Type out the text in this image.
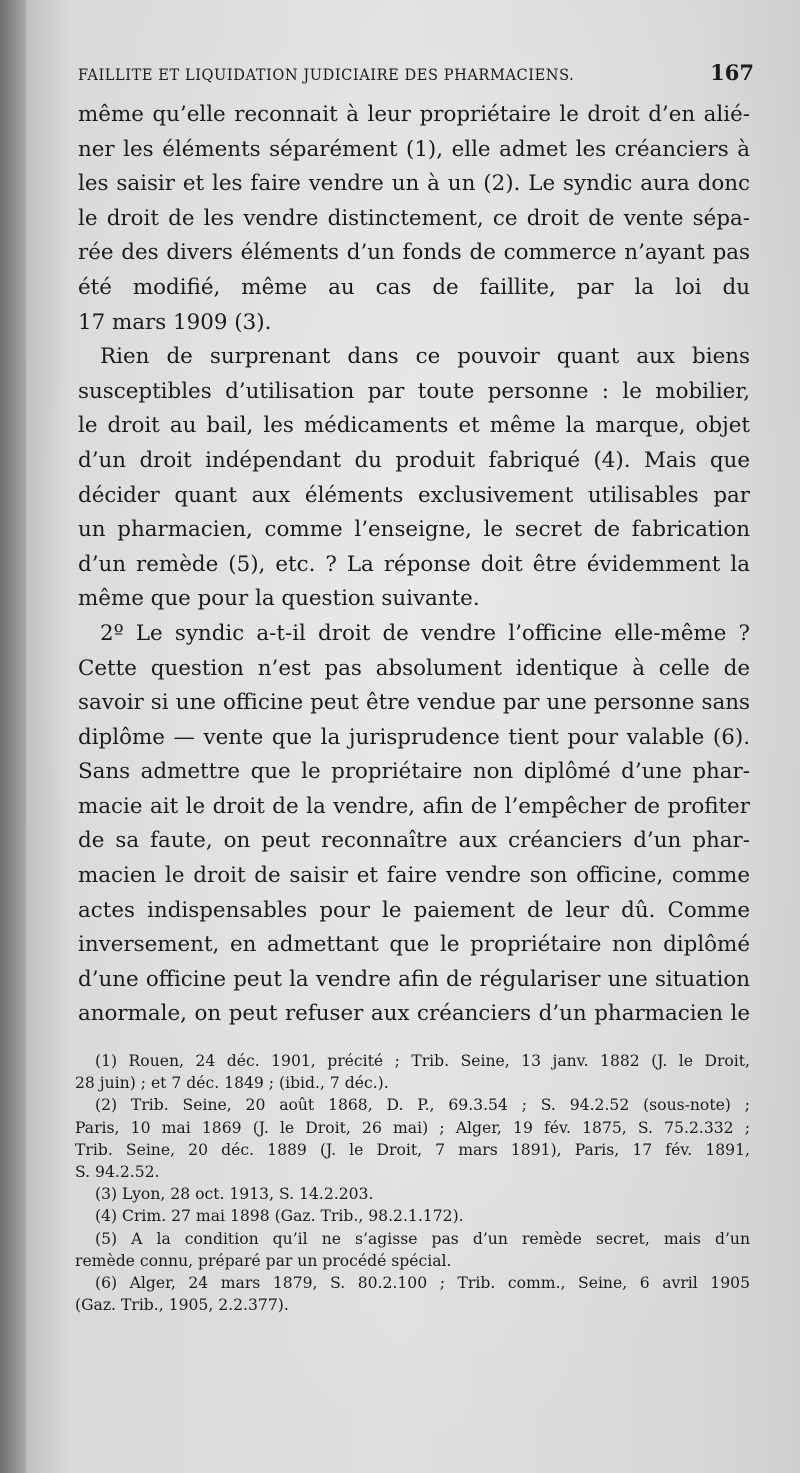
FAILLITE ET LIQUIDATION JUDICIAIRE DES PHARMACIENS.	167
même qu’elle reconnait à leur propriétaire le droit d’en alié-
ner les éléments séparément (1), elle admet les créanciers à
les saisir et les faire vendre un à un (2). Le syndic aura donc
le droit de les vendre distinctement, ce droit de vente sépa-
rée des divers éléments d’un fonds de commerce n’ayant pas
été modifié, même au cas de faillite, par la loi du
17 mars 1909 (3).
Rien de surprenant dans ce pouvoir quant aux biens
susceptibles d’utilisation par toute personne : le mobilier,
le droit au bail, les médicaments et même la marque, objet
d’un droit indépendant du produit fabriqué (4). Mais que
décider quant aux éléments exclusivement utilisables par
un pharmacien, comme l’enseigne, le secret de fabrication
d’un remède (5), etc. ? La réponse doit être évidemment la
même que pour la question suivante.
2º Le syndic a-t-il droit de vendre l’officine elle-même ?
Cette question n’est pas absolument identique à celle de
savoir si une officine peut être vendue par une personne sans
diplôme — vente que la jurisprudence tient pour valable (6).
Sans admettre que le propriétaire non diplômé d’une phar-
macie ait le droit de la vendre, afin de l’empêcher de profiter
de sa faute, on peut reconnaître aux créanciers d’un phar-
macien le droit de saisir et faire vendre son officine, comme
actes indispensables pour le paiement de leur dû. Comme
inversement, en admettant que le propriétaire non diplômé
d’une officine peut la vendre afin de régulariser une situation
anormale, on peut refuser aux créanciers d’un pharmacien le
(1) Rouen, 24 déc. 1901, précité ; Trib. Seine, 13 janv. 1882 (J. le Droit,
28 juin) ; et 7 déc. 1849 ; (ibid., 7 déc.).
(2) Trib. Seine, 20 août 1868, D. P., 69.3.54 ; S. 94.2.52 (sous-note) ;
Paris, 10 mai 1869 (J. le Droit, 26 mai) ; Alger, 19 fév. 1875, S. 75.2.332 ;
Trib. Seine, 20 déc. 1889 (J. le Droit, 7 mars 1891), Paris, 17 fév. 1891,
S. 94.2.52.
(3) Lyon, 28 oct. 1913, S. 14.2.203.
(4) Crim. 27 mai 1898 (Gaz. Trib., 98.2.1.172).
(5) A la condition qu’il ne s’agisse pas d’un remède secret, mais d’un
remède connu, préparé par un procédé spécial.
(6) Alger, 24 mars 1879, S. 80.2.100 ; Trib. comm., Seine, 6 avril 1905
(Gaz. Trib., 1905, 2.2.377).
